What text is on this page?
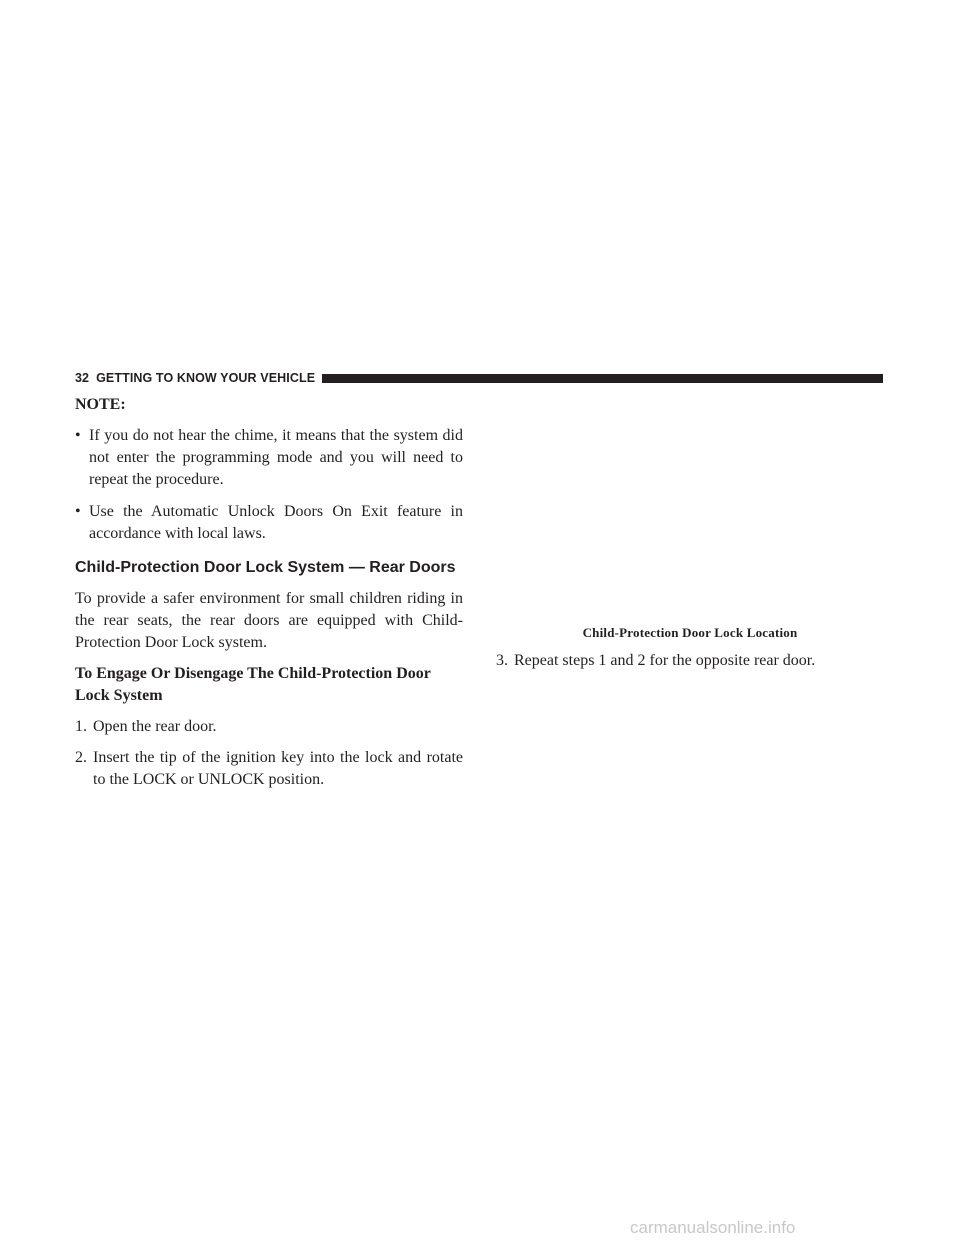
32 GETTING TO KNOW YOUR VEHICLE

NOTE:

• If you do not hear the chime, it means that the system did not enter the programming mode and you will need to repeat the procedure.

• Use the Automatic Unlock Doors On Exit feature in accordance with local laws.

Child-Protection Door Lock System — Rear Doors

To provide a safer environment for small children riding in the rear seats, the rear doors are equipped with Child-Protection Door Lock system.

To Engage Or Disengage The Child-Protection Door Lock System

1. Open the rear door.

2. Insert the tip of the ignition key into the lock and rotate to the LOCK or UNLOCK position.

Child-Protection Door Lock Location

3. Repeat steps 1 and 2 for the opposite rear door.

carmanualsonline.info
